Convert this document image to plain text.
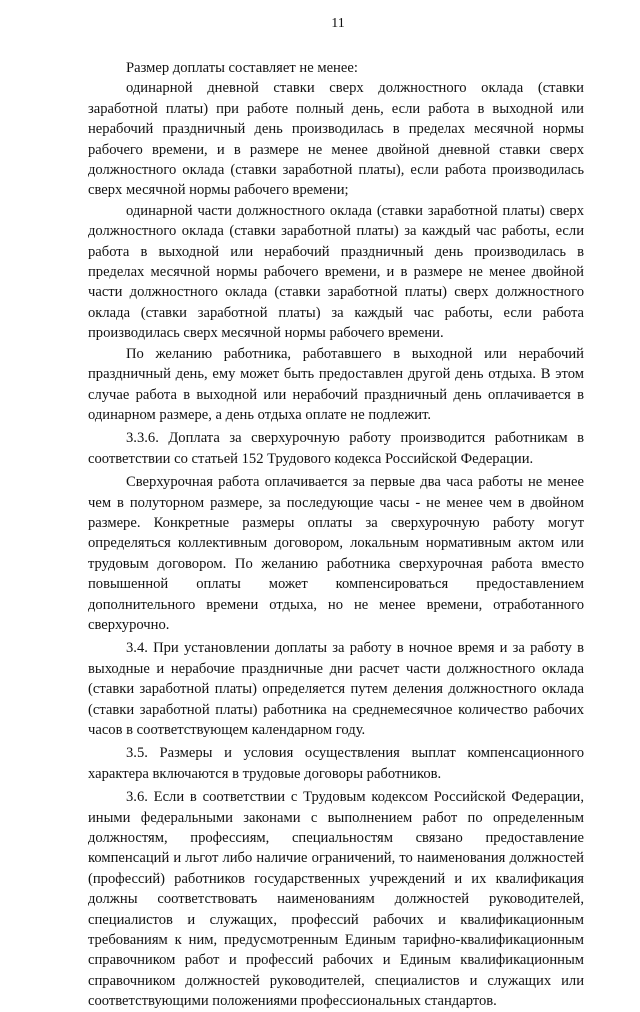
11

Размер доплаты составляет не менее:

одинарной дневной ставки сверх должностного оклада (ставки заработной платы) при работе полный день, если работа в выходной или нерабочий праздничный день производилась в пределах месячной нормы рабочего времени, и в размере не менее двойной дневной ставки сверх должностного оклада (ставки заработной платы), если работа производилась сверх месячной нормы рабочего времени;

одинарной части должностного оклада (ставки заработной платы) сверх должностного оклада (ставки заработной платы) за каждый час работы, если работа в выходной или нерабочий праздничный день производилась в пределах месячной нормы рабочего времени, и в размере не менее двойной части должностного оклада (ставки заработной платы) сверх должностного оклада (ставки заработной платы) за каждый час работы, если работа производилась сверх месячной нормы рабочего времени.

По желанию работника, работавшего в выходной или нерабочий праздничный день, ему может быть предоставлен другой день отдыха. В этом случае работа в выходной или нерабочий праздничный день оплачивается в одинарном размере, а день отдыха оплате не подлежит.

3.3.6. Доплата за сверхурочную работу производится работникам в соответствии со статьей 152 Трудового кодекса Российской Федерации.

Сверхурочная работа оплачивается за первые два часа работы не менее чем в полуторном размере, за последующие часы - не менее чем в двойном размере. Конкретные размеры оплаты за сверхурочную работу могут определяться коллективным договором, локальным нормативным актом или трудовым договором. По желанию работника сверхурочная работа вместо повышенной оплаты может компенсироваться предоставлением дополнительного времени отдыха, но не менее времени, отработанного сверхурочно.

3.4. При установлении доплаты за работу в ночное время и за работу в выходные и нерабочие праздничные дни расчет части должностного оклада (ставки заработной платы) определяется путем деления должностного оклада (ставки заработной платы) работника на среднемесячное количество рабочих часов в соответствующем календарном году.

3.5. Размеры и условия осуществления выплат компенсационного характера включаются в трудовые договоры работников.

3.6. Если в соответствии с Трудовым кодексом Российской Федерации, иными федеральными законами с выполнением работ по определенным должностям, профессиям, специальностям связано предоставление компенсаций и льгот либо наличие ограничений, то наименования должностей (профессий) работников государственных учреждений и их квалификация должны соответствовать наименованиям должностей руководителей, специалистов и служащих, профессий рабочих и квалификационным требованиям к ним, предусмотренным Единым тарифно-квалификационным справочником работ и профессий рабочих и Единым квалификационным справочником должностей руководителей, специалистов и служащих или соответствующими положениями профессиональных стандартов.
